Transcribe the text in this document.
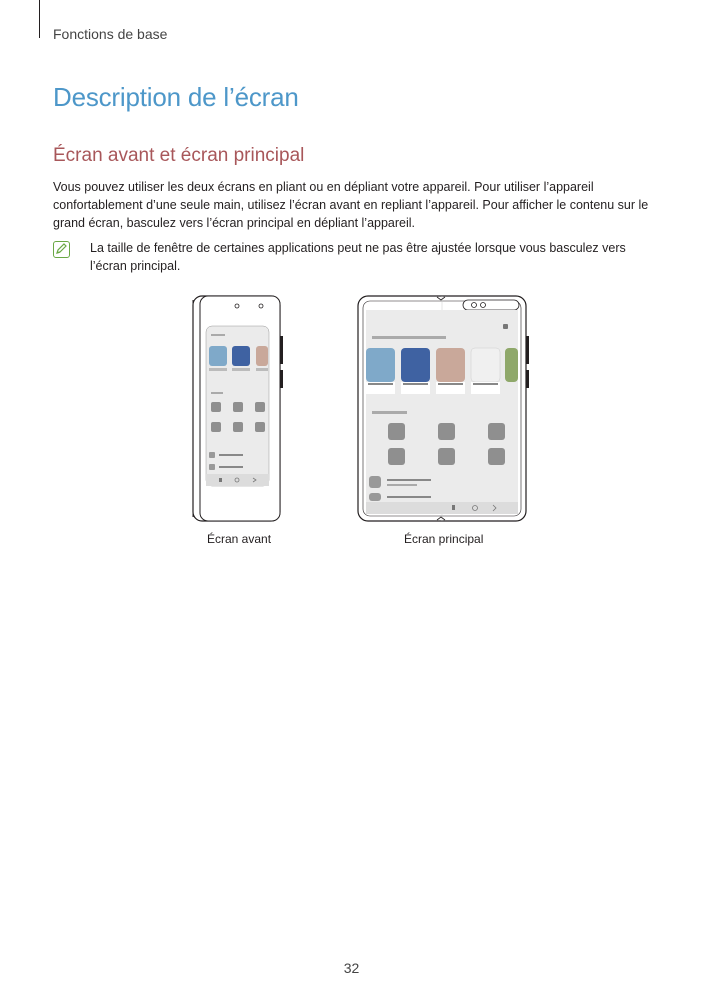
Fonctions de base
Description de l’écran
Écran avant et écran principal

Vous pouvez utiliser les deux écrans en pliant ou en dépliant votre appareil. Pour utiliser l’appareil confortablement d’une seule main, utilisez l’écran avant en repliant l’appareil. Pour afficher le contenu sur le grand écran, basculez vers l’écran principal en dépliant l’appareil.

La taille de fenêtre de certaines applications peut ne pas être ajustée lorsque vous basculez vers l’écran principal.

Écran avant	Écran principal
32
